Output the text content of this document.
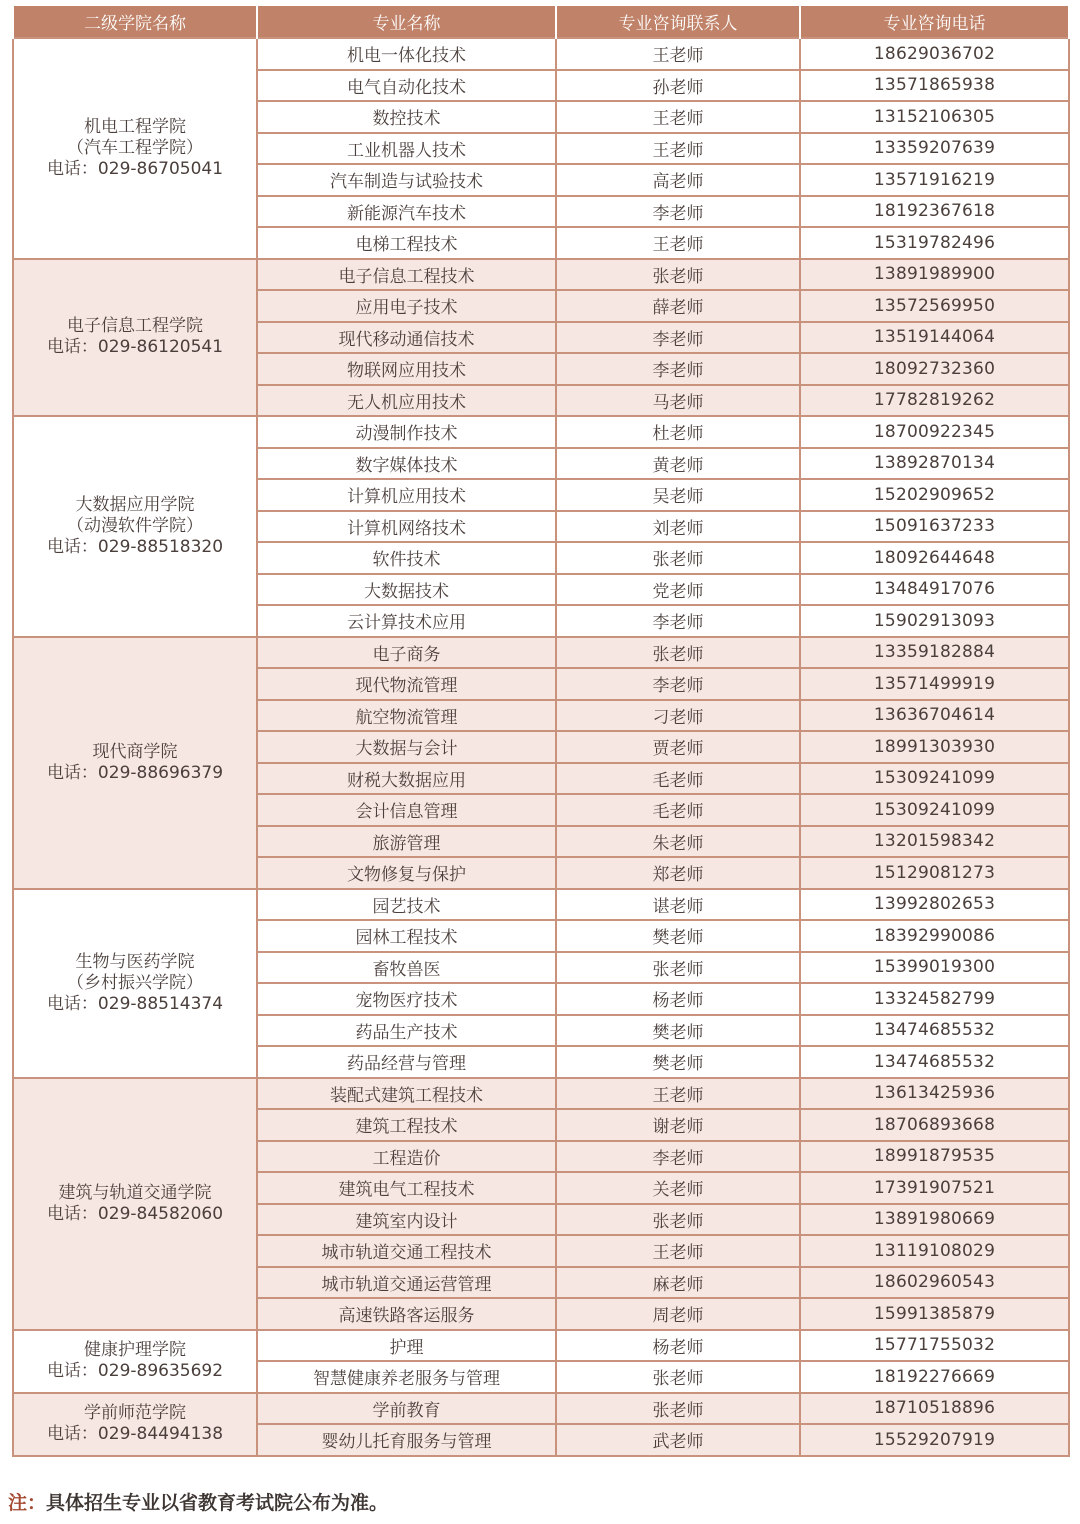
二级学院名称	专业名称	专业咨询联系人	专业咨询电话

机电工程学院
（汽车工程学院）
电话：029-86705041	机电一体化技术	王老师	18629036702
	电气自动化技术	孙老师	13571865938
	数控技术	王老师	13152106305
	工业机器人技术	王老师	13359207639
	汽车制造与试验技术	高老师	13571916219
	新能源汽车技术	李老师	18192367618
	电梯工程技术	王老师	15319782496

电子信息工程学院
电话：029-86120541	电子信息工程技术	张老师	13891989900
	应用电子技术	薛老师	13572569950
	现代移动通信技术	李老师	13519144064
	物联网应用技术	李老师	18092732360
	无人机应用技术	马老师	17782819262

大数据应用学院
（动漫软件学院）
电话：029-88518320	动漫制作技术	杜老师	18700922345
	数字媒体技术	黄老师	13892870134
	计算机应用技术	吴老师	15202909652
	计算机网络技术	刘老师	15091637233
	软件技术	张老师	18092644648
	大数据技术	党老师	13484917076
	云计算技术应用	李老师	15902913093

现代商学院
电话：029-88696379	电子商务	张老师	13359182884
	现代物流管理	李老师	13571499919
	航空物流管理	刁老师	13636704614
	大数据与会计	贾老师	18991303930
	财税大数据应用	毛老师	15309241099
	会计信息管理	毛老师	15309241099
	旅游管理	朱老师	13201598342
	文物修复与保护	郑老师	15129081273

生物与医药学院
（乡村振兴学院）
电话：029-88514374	园艺技术	谌老师	13992802653
	园林工程技术	樊老师	18392990086
	畜牧兽医	张老师	15399019300
	宠物医疗技术	杨老师	13324582799
	药品生产技术	樊老师	13474685532
	药品经营与管理	樊老师	13474685532

建筑与轨道交通学院
电话：029-84582060	装配式建筑工程技术	王老师	13613425936
	建筑工程技术	谢老师	18706893668
	工程造价	李老师	18991879535
	建筑电气工程技术	关老师	17391907521
	建筑室内设计	张老师	13891980669
	城市轨道交通工程技术	王老师	13119108029
	城市轨道交通运营管理	麻老师	18602960543
	高速铁路客运服务	周老师	15991385879

健康护理学院
电话：029-89635692	护理	杨老师	15771755032
	智慧健康养老服务与管理	张老师	18192276669

学前师范学院
电话：029-84494138	学前教育	张老师	18710518896
	婴幼儿托育服务与管理	武老师	15529207919
注：具体招生专业以省教育考试院公布为准。
